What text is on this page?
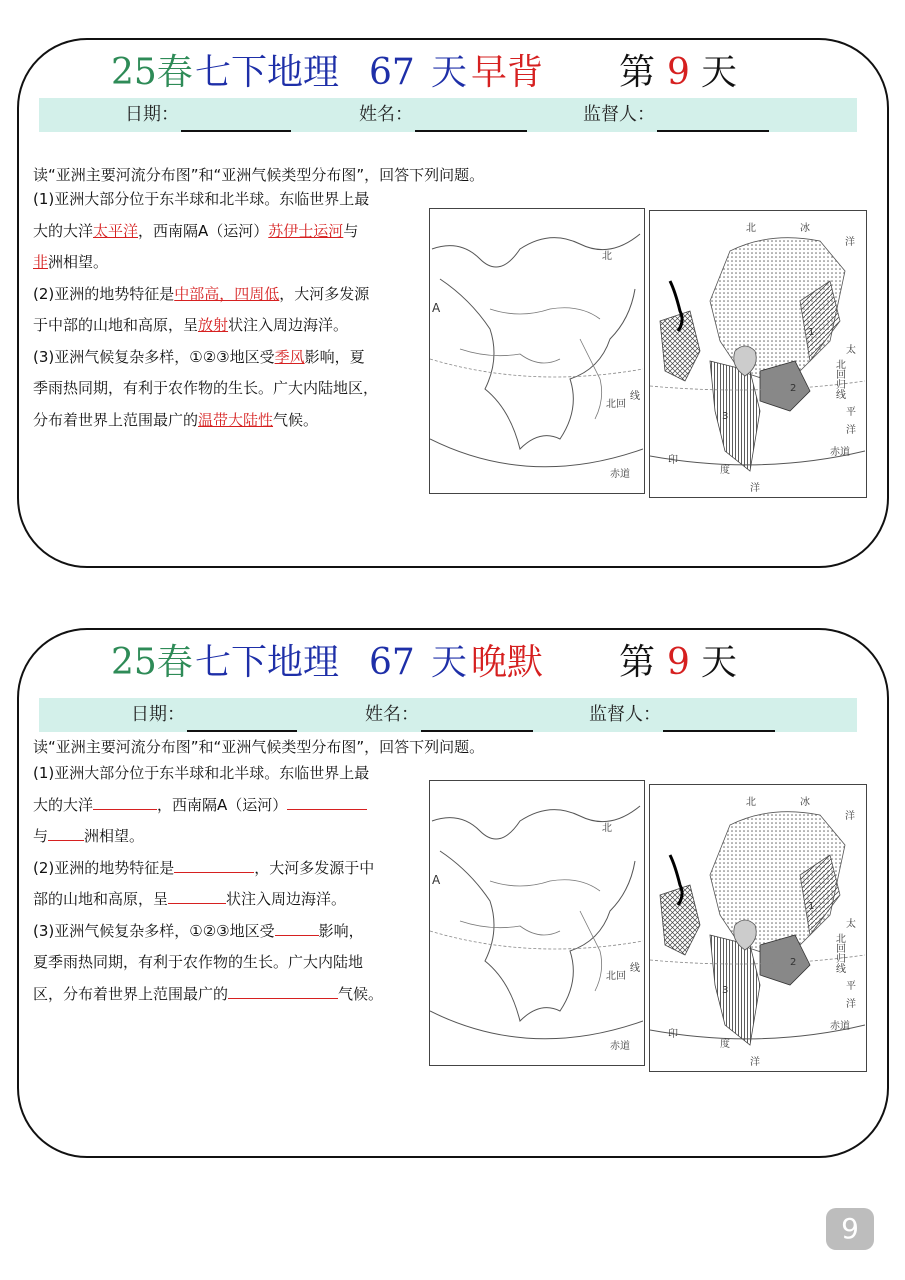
25春 七下地理 67 天 早背 第 9 天
日期：	姓名：	监督人：
读“亚洲主要河流分布图”和“亚洲气候类型分布图”，回答下列问题。
(1)亚洲大部分位于东半球和北半球。东临世界上最
大的大洋太平洋，西南隔A（运河）苏伊士运河与
非洲相望。
(2)亚洲的地势特征是中部高，四周低，大河多发源
于中部的山地和高原，呈放射状注入周边海洋。
(3)亚洲气候复杂多样，①②③地区受季风影响，夏
季雨热同期，有利于农作物的生长。广大内陆地区，
分布着世界上范围最广的温带大陆性气候。
A
北
北回
线
赤道
北	冰
洋
太
平
洋
北回归线
赤道
印
度
洋
1
2
3
25春 七下地理 67 天 晚默 第 9 天
日期：	姓名：	监督人：
读“亚洲主要河流分布图”和“亚洲气候类型分布图”，回答下列问题。
(1)亚洲大部分位于东半球和北半球。东临世界上最
大的大洋	，西南隔A（运河）
与 洲相望。
(2)亚洲的地势特征是	，大河多发源于中
部的山地和高原，呈	状注入周边海洋。
(3)亚洲气候复杂多样，①②③地区受	影响，
夏季雨热同期，有利于农作物的生长。广大内陆地
区，分布着世界上范围最广的	气候。
A
北
北回
线
赤道
北	冰
洋
太
平
洋
北回归线
赤道
印
度
洋
1
2
3
9
